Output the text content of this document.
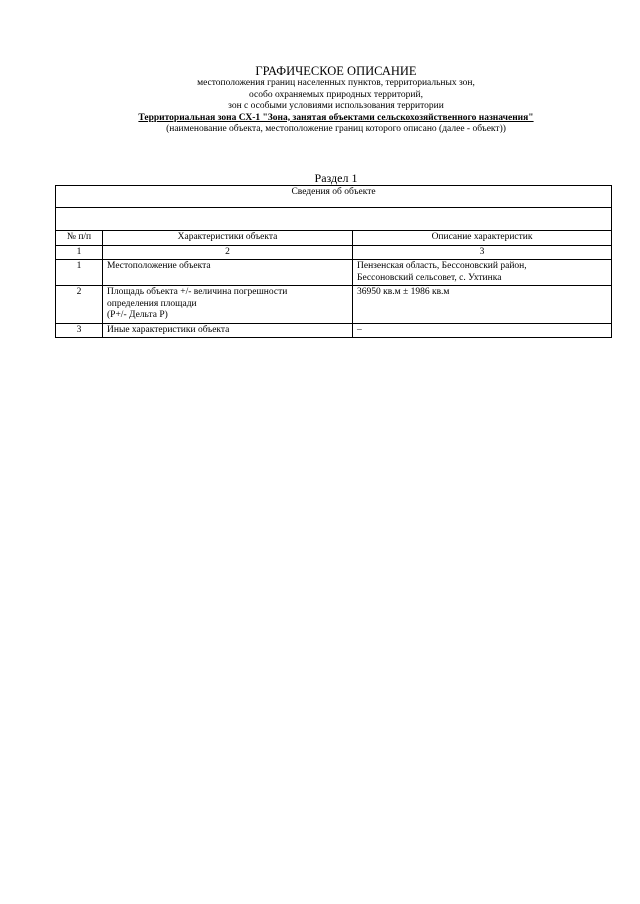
ГРАФИЧЕСКОЕ ОПИСАНИЕ
местоположения границ населенных пунктов, территориальных зон,
особо охраняемых природных территорий,
зон с особыми условиями использования территории
Территориальная зона СХ-1 "Зона, занятая объектами сельскохозяйственного назначения"
(наименование объекта, местоположение границ которого описано (далее - объект))
Раздел 1
Сведения об объекте		

№ п/п	Характеристики объекта	Описание характеристик
1	2	3
1	Местоположение объекта	Пензенская область, Бессоновский район,
Бессоновский сельсовет, с. Ухтинка

2	Площадь объекта +/- величина погрешности
определения площади
(P+/- Дельта P)	36950 кв.м ± 1986 кв.м

3	Иные характеристики объекта	–
